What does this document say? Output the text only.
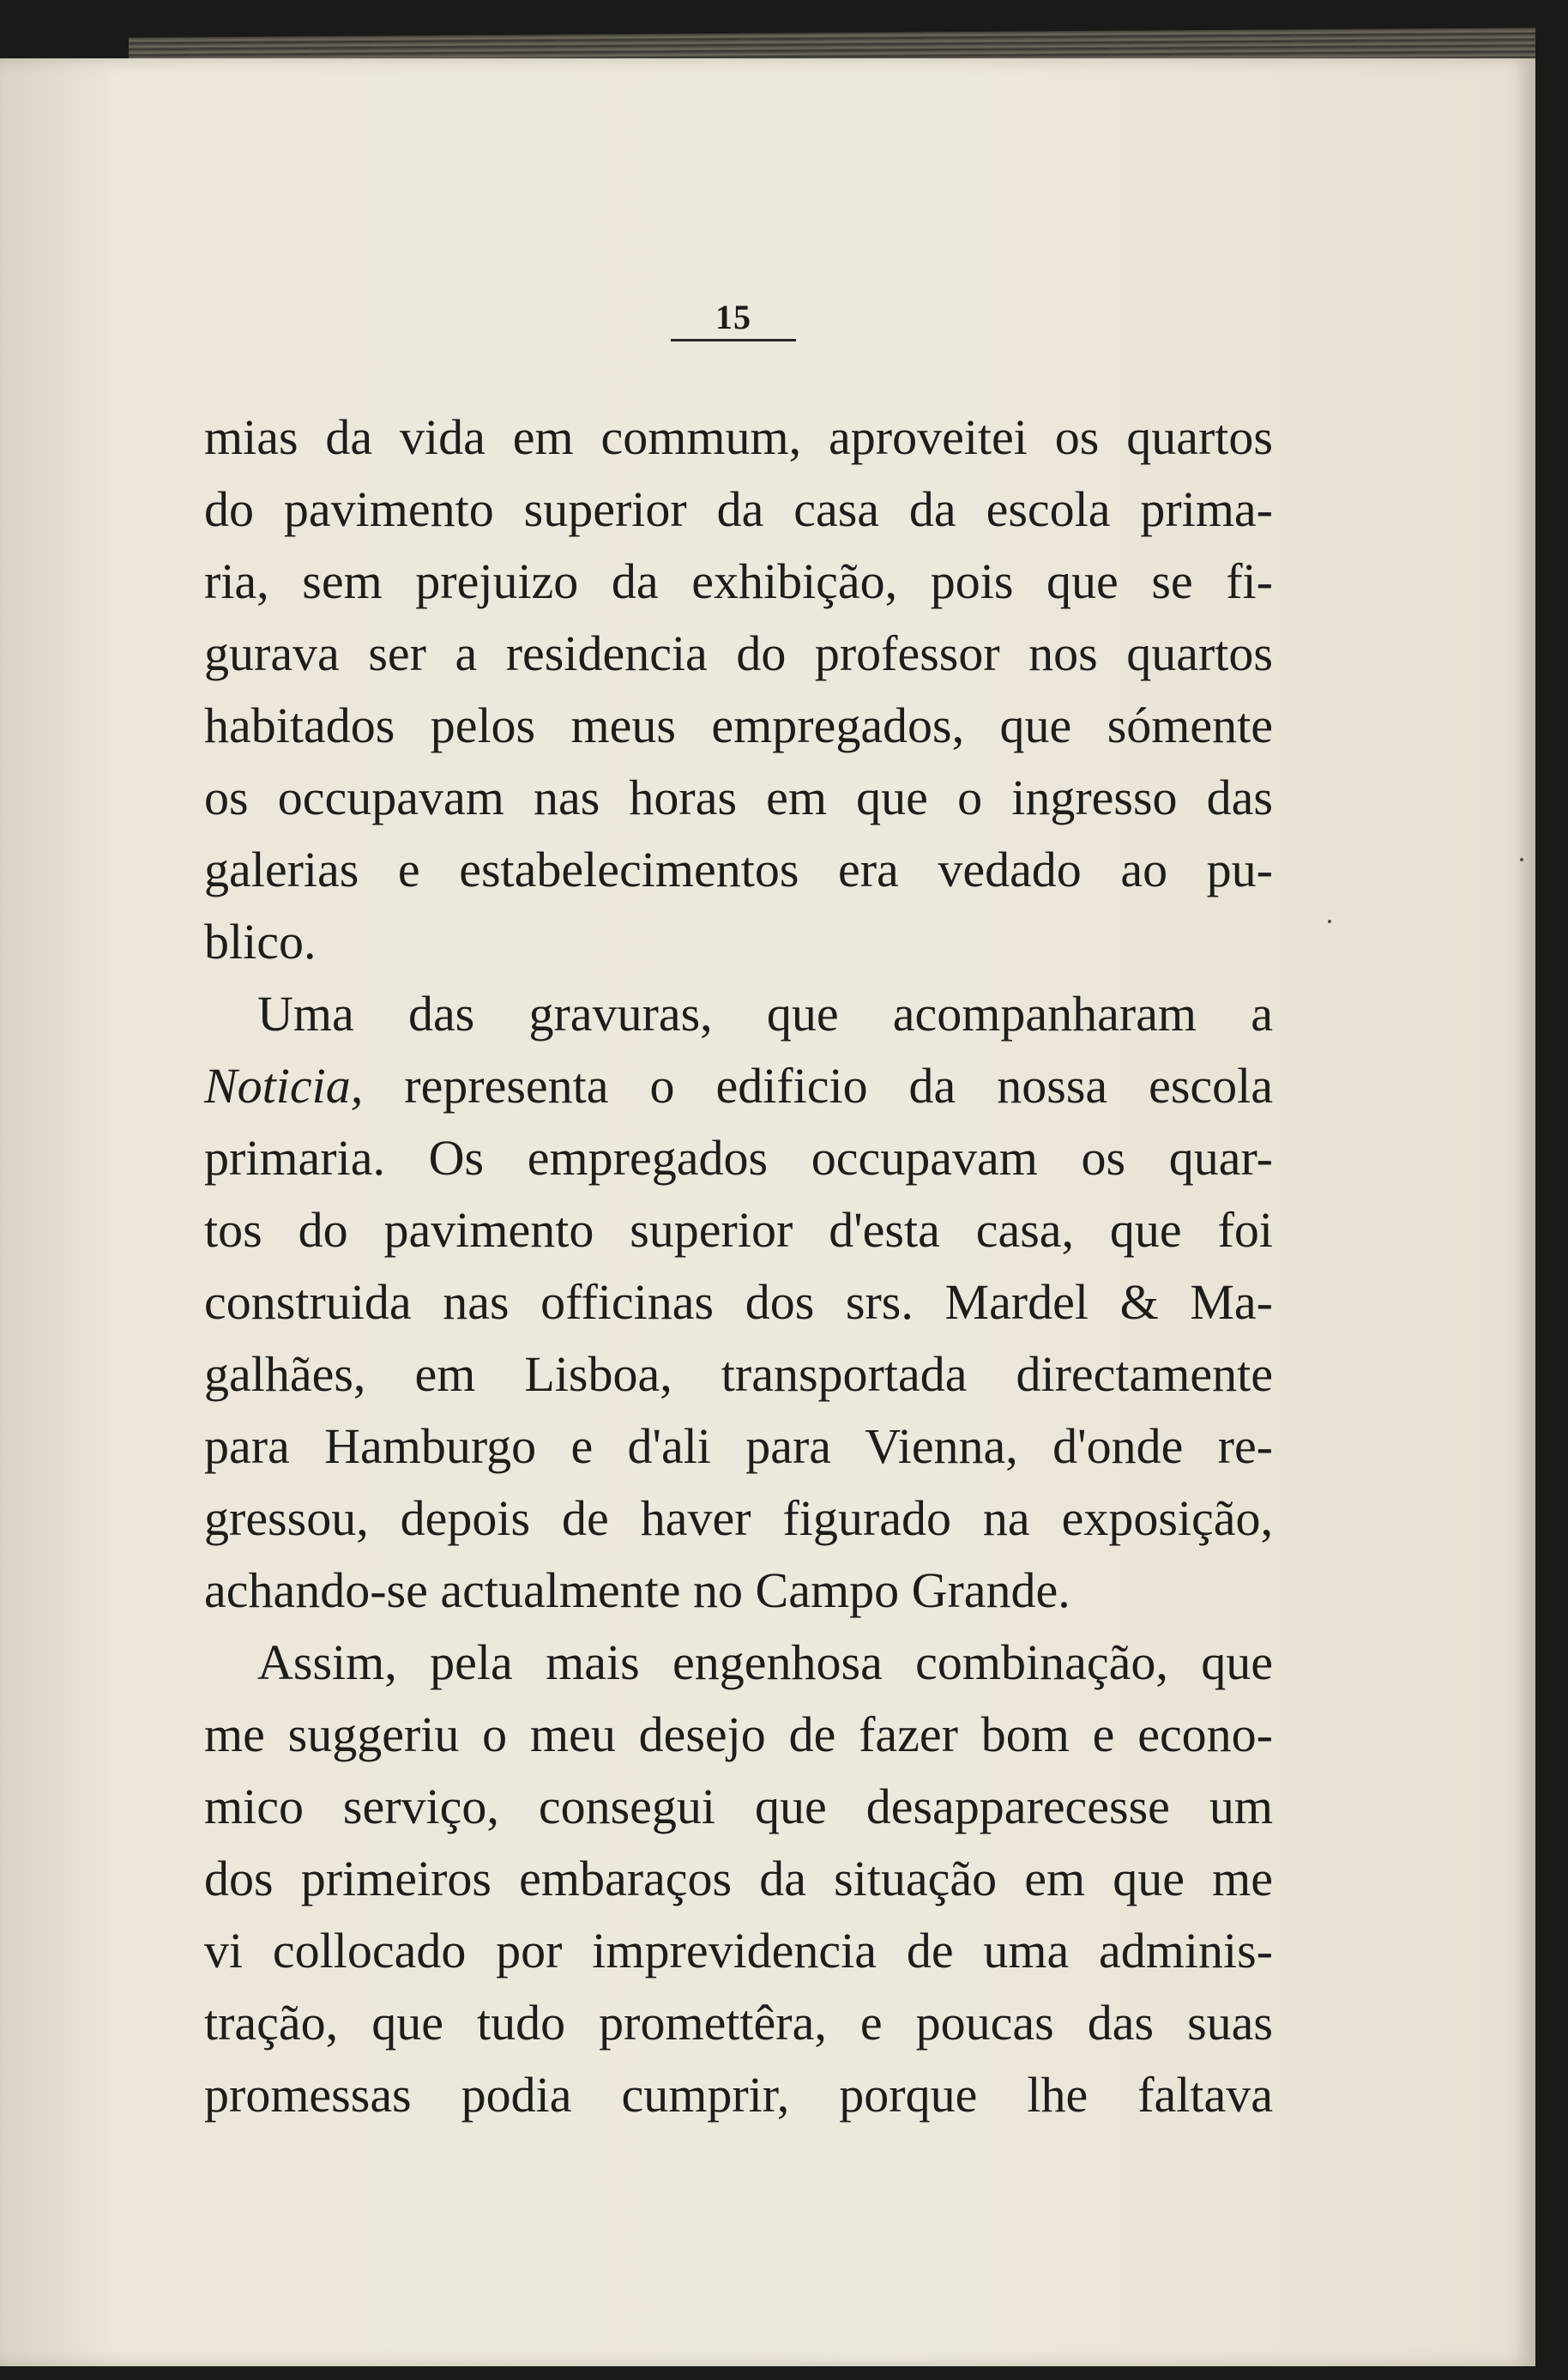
15
mias da vida em commum, aproveitei os quartos
do pavimento superior da casa da escola prima-
ria, sem prejuizo da exhibição, pois que se fi-
gurava ser a residencia do professor nos quartos
habitados pelos meus empregados, que sómente
os occupavam nas horas em que o ingresso das
galerias e estabelecimentos era vedado ao pu-
blico.
Uma das gravuras, que acompanharam a
Noticia, representa o edificio da nossa escola
primaria. Os empregados occupavam os quar-
tos do pavimento superior d'esta casa, que foi
construida nas officinas dos srs. Mardel & Ma-
galhães, em Lisboa, transportada directamente
para Hamburgo e d'ali para Vienna, d'onde re-
gressou, depois de haver figurado na exposição,
achando-se actualmente no Campo Grande.
Assim, pela mais engenhosa combinação, que
me suggeriu o meu desejo de fazer bom e econo-
mico serviço, consegui que desapparecesse um
dos primeiros embaraços da situação em que me
vi collocado por imprevidencia de uma adminis-
tração, que tudo promettêra, e poucas das suas
promessas podia cumprir, porque lhe faltava
